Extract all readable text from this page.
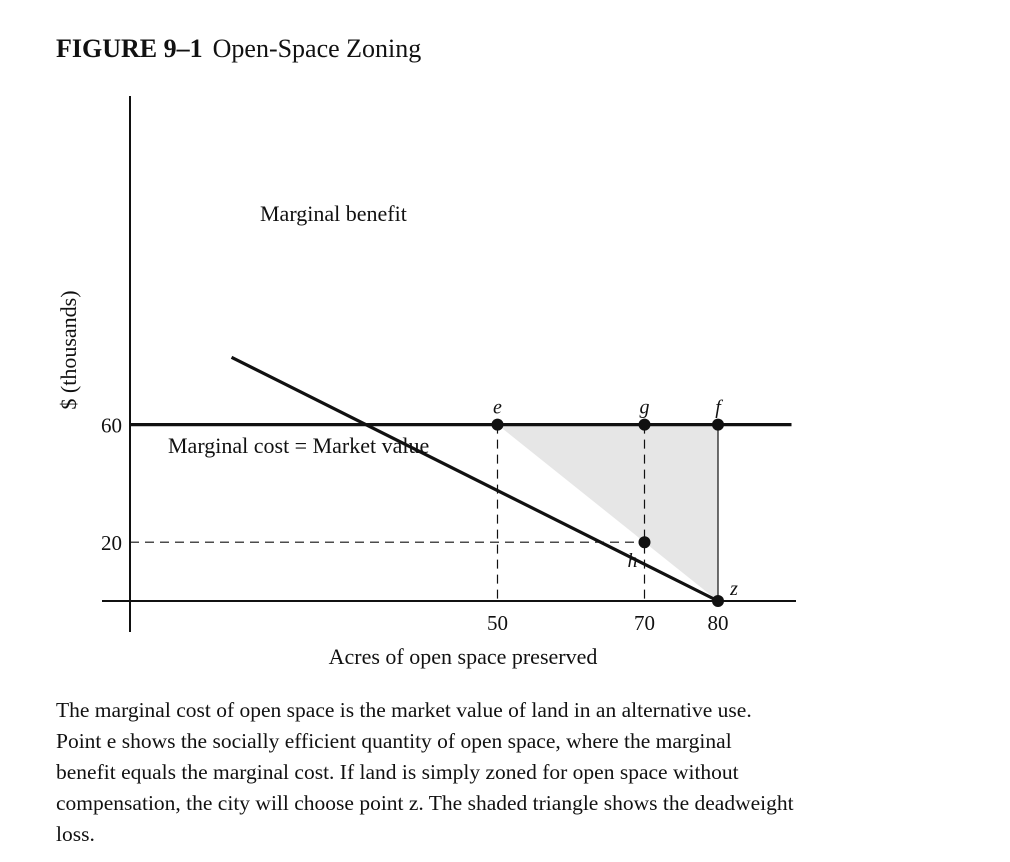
FIGURE 9–1 Open-Space Zoning
e	g	f
h
z
20
60
50	70	80
Marginal benefit
Marginal cost = Market value
Acres of open space preserved
$ (thousands)

The marginal cost of open space is the market value of land in an alternative use. Point e shows the socially efficient quantity of open space, where the marginal benefit equals the marginal cost. If land is simply zoned for open space without compensation, the city will choose point z. The shaded triangle shows the deadweight loss.
